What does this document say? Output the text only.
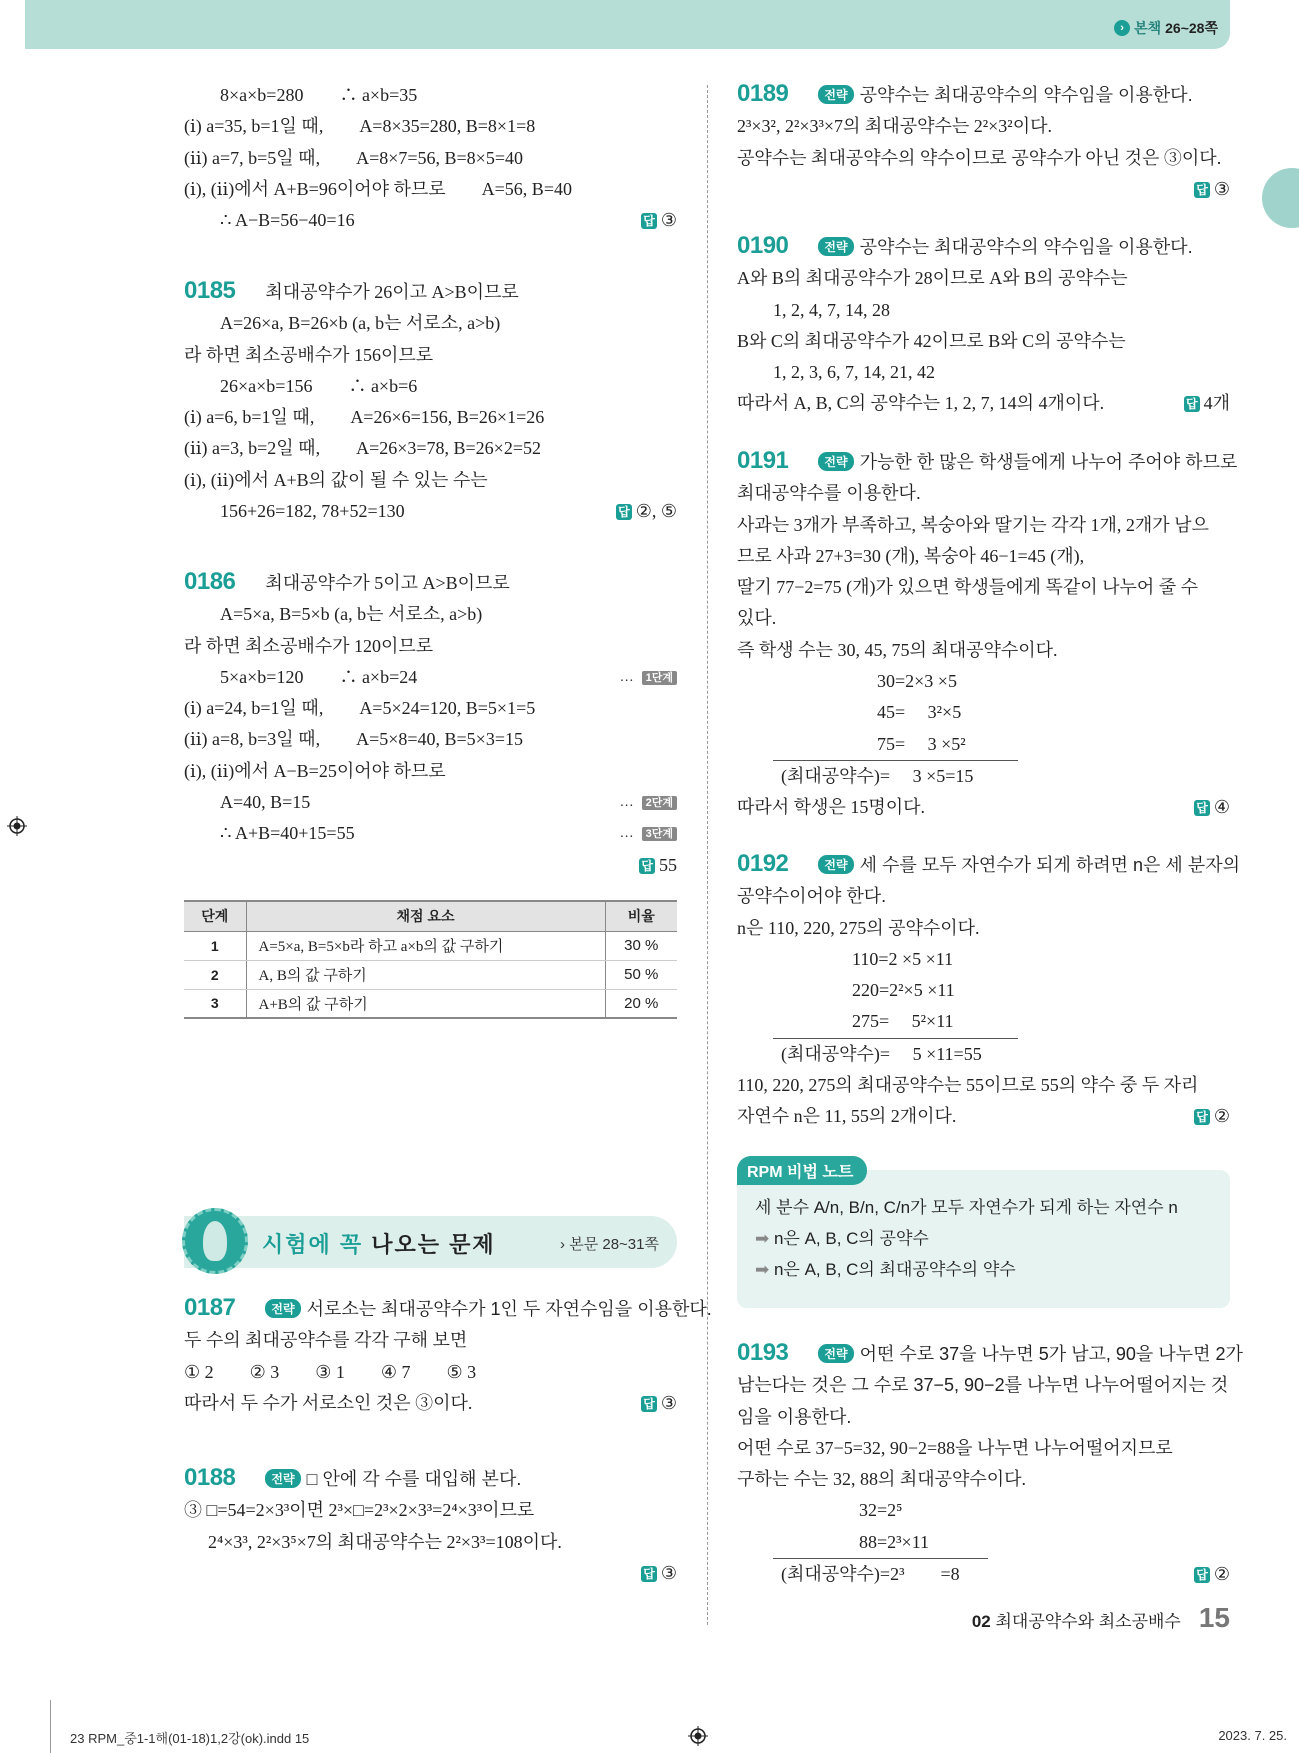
› 본책 26~28쪽
8×a×b=280　　∴ a×b=35
(ⅰ) a=35, b=1일 때,　　A=8×35=280, B=8×1=8
(ⅱ) a=7, b=5일 때,　　A=8×7=56, B=8×5=40
(ⅰ), (ⅱ)에서 A+B=96이어야 하므로　　A=56, B=40
∴ A−B=56−40=16	답 ③
0185 최대공약수가 26이고 A>B이므로
A=26×a, B=26×b (a, b는 서로소, a>b)
라 하면 최소공배수가 156이므로
26×a×b=156　　∴ a×b=6
(ⅰ) a=6, b=1일 때,　　A=26×6=156, B=26×1=26
(ⅱ) a=3, b=2일 때,　　A=26×3=78, B=26×2=52
(ⅰ), (ⅱ)에서 A+B의 값이 될 수 있는 수는
156+26=182, 78+52=130	답 ②, ⑤
0186 최대공약수가 5이고 A>B이므로
A=5×a, B=5×b (a, b는 서로소, a>b)
라 하면 최소공배수가 120이므로
5×a×b=120　　∴ a×b=24	… 1단계
(ⅰ) a=24, b=1일 때,　　A=5×24=120, B=5×1=5
(ⅱ) a=8, b=3일 때,　　A=5×8=40, B=5×3=15
(ⅰ), (ⅱ)에서 A−B=25이어야 하므로
A=40, B=15	… 2단계
∴ A+B=40+15=55	… 3단계
답 55
단계	채점 요소	비율
1	A=5×a, B=5×b라 하고 a×b의 값 구하기	30 %
2	A, B의 값 구하기	50 %
3	A+B의 값 구하기	20 %
시험에 꼭 나오는 문제	› 본문 28~31쪽
0187	전략 서로소는 최대공약수가 1인 두 자연수임을 이용한다.
두 수의 최대공약수를 각각 구해 보면
① 2　　② 3　　③ 1　　④ 7　　⑤ 3
따라서 두 수가 서로소인 것은 ③이다.	답 ③
0188	전략 □ 안에 각 수를 대입해 본다.
③ □=54=2×3³이면 2³×□=2³×2×3³=2⁴×3³이므로
2⁴×3³, 2²×3⁵×7의 최대공약수는 2²×3³=108이다.
답 ③
0189	전략 공약수는 최대공약수의 약수임을 이용한다.
2³×3², 2²×3³×7의 최대공약수는 2²×3²이다.
공약수는 최대공약수의 약수이므로 공약수가 아닌 것은 ③이다.
답 ③
0190	전략 공약수는 최대공약수의 약수임을 이용한다.
A와 B의 최대공약수가 28이므로 A와 B의 공약수는
1, 2, 4, 7, 14, 28
B와 C의 최대공약수가 42이므로 B와 C의 공약수는
1, 2, 3, 6, 7, 14, 21, 42
따라서 A, B, C의 공약수는 1, 2, 7, 14의 4개이다.	답 4개
0191	전략 가능한 한 많은 학생들에게 나누어 주어야 하므로
최대공약수를 이용한다.
사과는 3개가 부족하고, 복숭아와 딸기는 각각 1개, 2개가 남으
므로 사과 27+3=30 (개), 복숭아 46−1=45 (개),
딸기 77−2=75 (개)가 있으면 학생들에게 똑같이 나누어 줄 수
있다.
즉 학생 수는 30, 45, 75의 최대공약수이다.
30=2×3 ×5
45=　 3²×5
75=　 3 ×5²
(최대공약수)=　 3 ×5=15
따라서 학생은 15명이다.	답 ④
0192	전략 세 수를 모두 자연수가 되게 하려면 n은 세 분자의
공약수이어야 한다.
n은 110, 220, 275의 공약수이다.
110=2 ×5 ×11
220=2²×5 ×11
275=　 5²×11
(최대공약수)=　 5 ×11=55
110, 220, 275의 최대공약수는 55이므로 55의 약수 중 두 자리
자연수 n은 11, 55의 2개이다.	답 ②
RPM 비법 노트
세 분수 A/n, B/n, C/n가 모두 자연수가 되게 하는 자연수 n
➡ n은 A, B, C의 공약수
➡ n은 A, B, C의 최대공약수의 약수
0193	전략 어떤 수로 37을 나누면 5가 남고, 90을 나누면 2가
남는다는 것은 그 수로 37−5, 90−2를 나누면 나누어떨어지는 것
임을 이용한다.
어떤 수로 37−5=32, 90−2=88을 나누면 나누어떨어지므로
구하는 수는 32, 88의 최대공약수이다.
32=2⁵
88=2³×11
(최대공약수)=2³　　=8	답 ②
02 최대공약수와 최소공배수 15
23 RPM_중1-1해(01-18)1,2강(ok).indd 15	2023. 7. 25.
